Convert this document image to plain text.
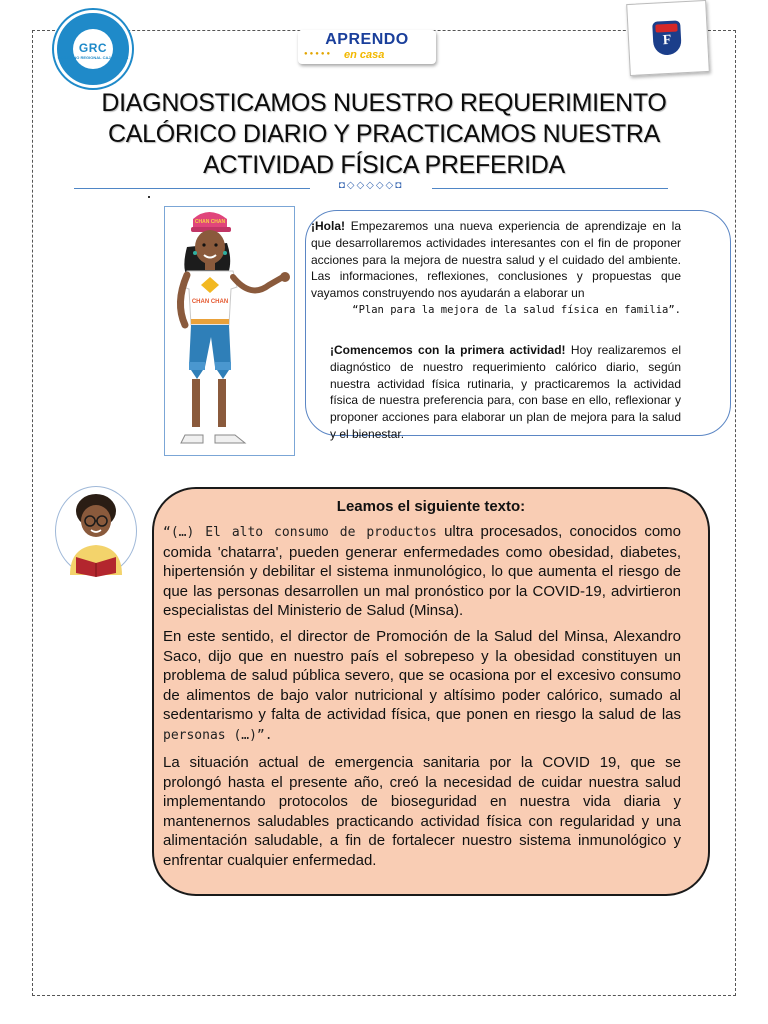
GRC
GOBIERNO REGIONAL CAJAMARCA
APRENDO
●●●●● en casa
F
DIAGNOSTICAMOS NUESTRO REQUERIMIENTO
CALÓRICO DIARIO Y PRACTICAMOS NUESTRA
ACTIVIDAD FÍSICA PREFERIDA
◘◇◇◇◇◇◘
CHAN CHAN
CHAN CHAN
¡Hola! Empezaremos una nueva experiencia de aprendizaje en la que desarrollaremos actividades interesantes con el fin de proponer acciones para la mejora de nuestra salud y el cuidado del ambiente. Las informaciones, reflexiones, conclusiones y propuestas que vayamos construyendo nos ayudarán a elaborar un
“Plan para la mejora de la salud física en familia”.
¡Comencemos con la primera actividad! Hoy realizaremos el diagnóstico de nuestro requerimiento calórico diario, según nuestra actividad física rutinaria, y practicaremos la actividad física de nuestra preferencia para, con base en ello, reflexionar y proponer acciones para elaborar un plan de mejora para la salud y el bienestar.
Leamos el siguiente texto:
“(…) El alto consumo de productos ultra procesados, conocidos como comida 'chatarra', pueden generar enfermedades como obesidad, diabetes, hipertensión y debilitar el sistema inmunológico, lo que aumenta el riesgo de que las personas desarrollen un mal pronóstico por la COVID-19, advirtieron especialistas del Ministerio de Salud (Minsa).
En este sentido, el director de Promoción de la Salud del Minsa, Alexandro Saco, dijo que en nuestro país el sobrepeso y la obesidad constituyen un problema de salud pública severo, que se ocasiona por el excesivo consumo de alimentos de bajo valor nutricional y altísimo poder calórico, sumado al sedentarismo y falta de actividad física, que ponen en riesgo la salud de las personas (…)”.
La situación actual de emergencia sanitaria por la COVID 19, que se prolongó hasta el presente año, creó la necesidad de cuidar nuestra salud implementando protocolos de bioseguridad en nuestra vida diaria y mantenernos saludables practicando actividad física con regularidad y una alimentación saludable, a fin de fortalecer nuestro sistema inmunológico y enfrentar cualquier enfermedad.
